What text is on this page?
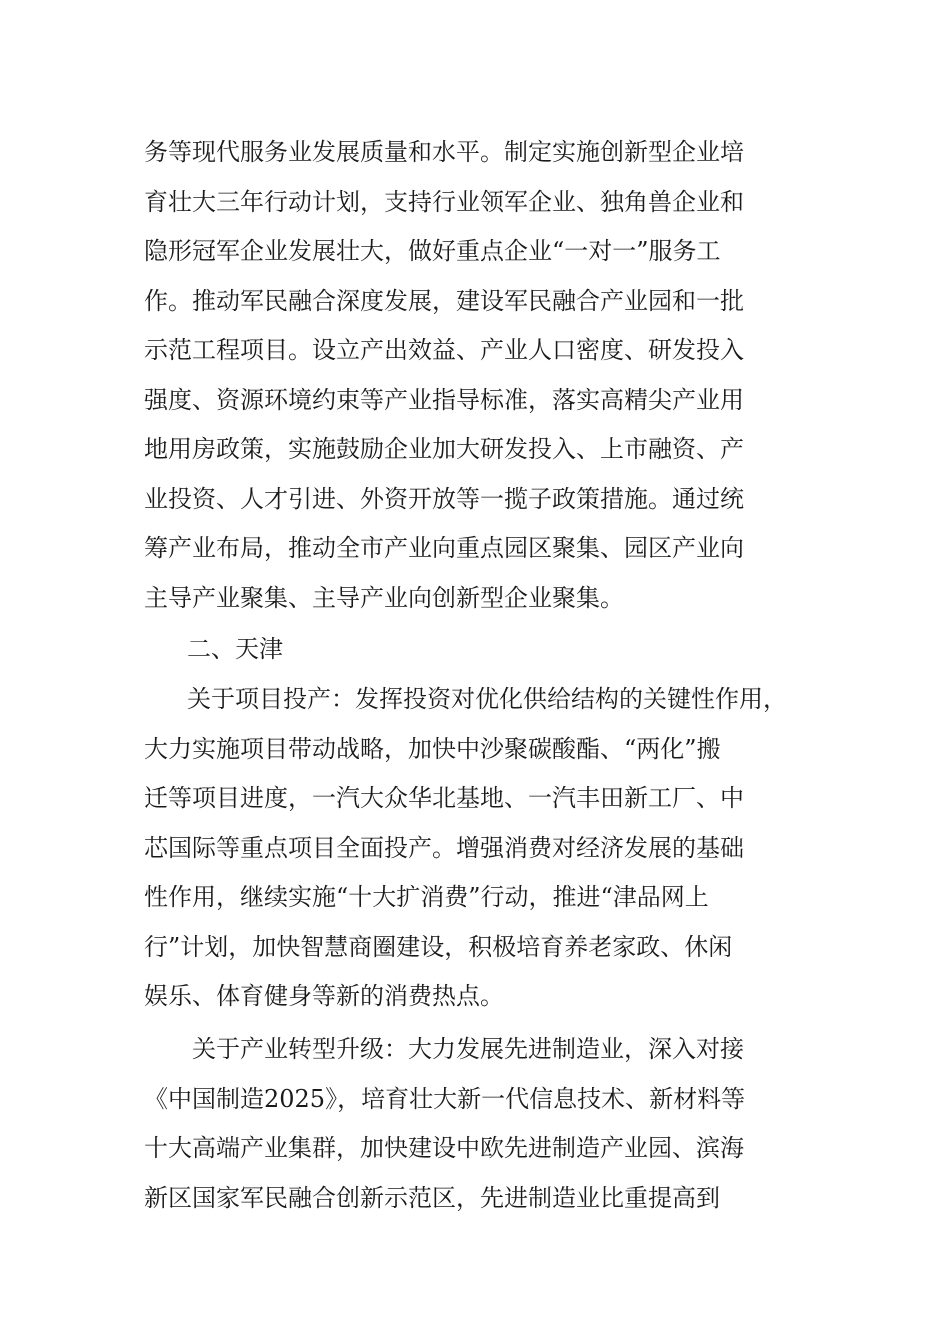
务等现代服务业发展质量和水平。制定实施创新型企业培
育壮大三年行动计划，支持行业领军企业、独角兽企业和
隐形冠军企业发展壮大，做好重点企业“一对一”服务工
作。推动军民融合深度发展，建设军民融合产业园和一批
示范工程项目。设立产出效益、产业人口密度、研发投入
强度、资源环境约束等产业指导标准，落实高精尖产业用
地用房政策，实施鼓励企业加大研发投入、上市融资、产
业投资、人才引进、外资开放等一揽子政策措施。通过统
筹产业布局，推动全市产业向重点园区聚集、园区产业向
主导产业聚集、主导产业向创新型企业聚集。
二、天津
关于项目投产：发挥投资对优化供给结构的关键性作用，
大力实施项目带动战略，加快中沙聚碳酸酯、“两化”搬
迁等项目进度，一汽大众华北基地、一汽丰田新工厂、中
芯国际等重点项目全面投产。增强消费对经济发展的基础
性作用，继续实施“十大扩消费”行动，推进“津品网上
行”计划，加快智慧商圈建设，积极培育养老家政、休闲
娱乐、体育健身等新的消费热点。
关于产业转型升级：大力发展先进制造业，深入对接
《中国制造2025》，培育壮大新一代信息技术、新材料等
十大高端产业集群，加快建设中欧先进制造产业园、滨海
新区国家军民融合创新示范区，先进制造业比重提高到
